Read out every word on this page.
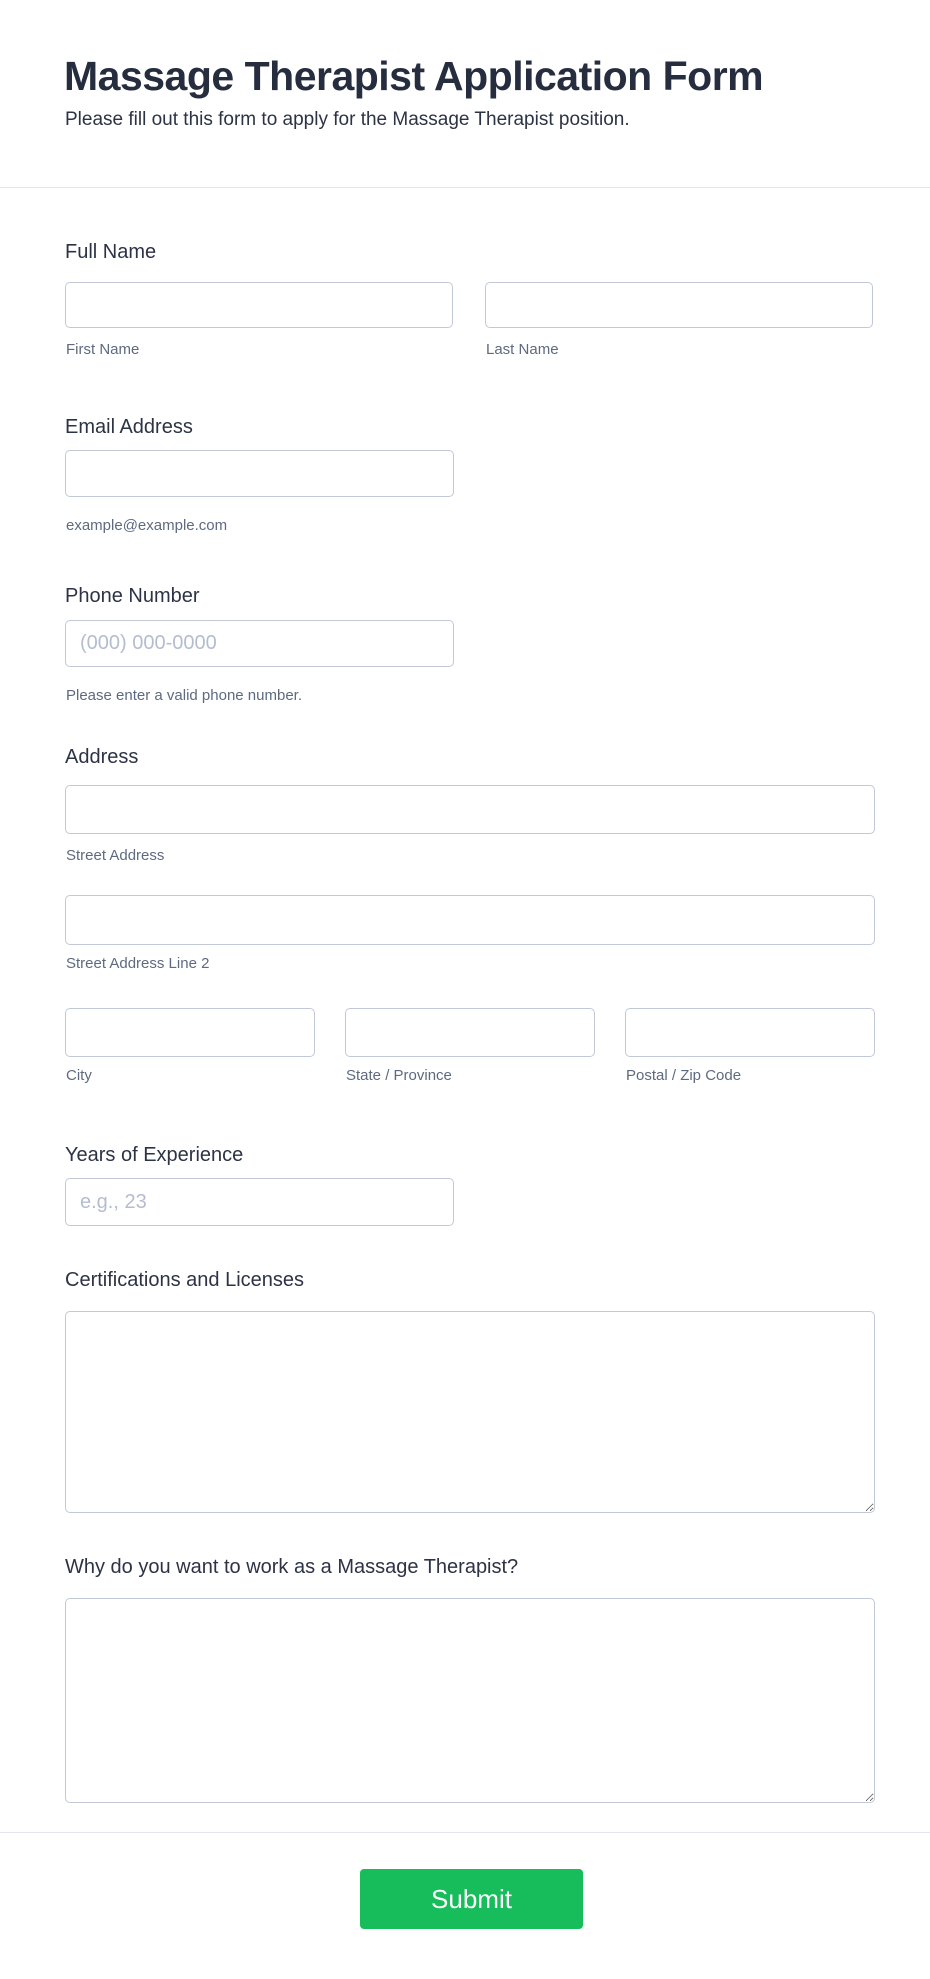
Massage Therapist Application Form
Please fill out this form to apply for the Massage Therapist position.
Full Name
First Name	Last Name
Email Address
example@example.com
Phone Number
(000) 000-0000
Please enter a valid phone number.
Address
Street Address
Street Address Line 2
City	State / Province	Postal / Zip Code
Years of Experience
e.g., 23
Certifications and Licenses
Why do you want to work as a Massage Therapist?
Submit
